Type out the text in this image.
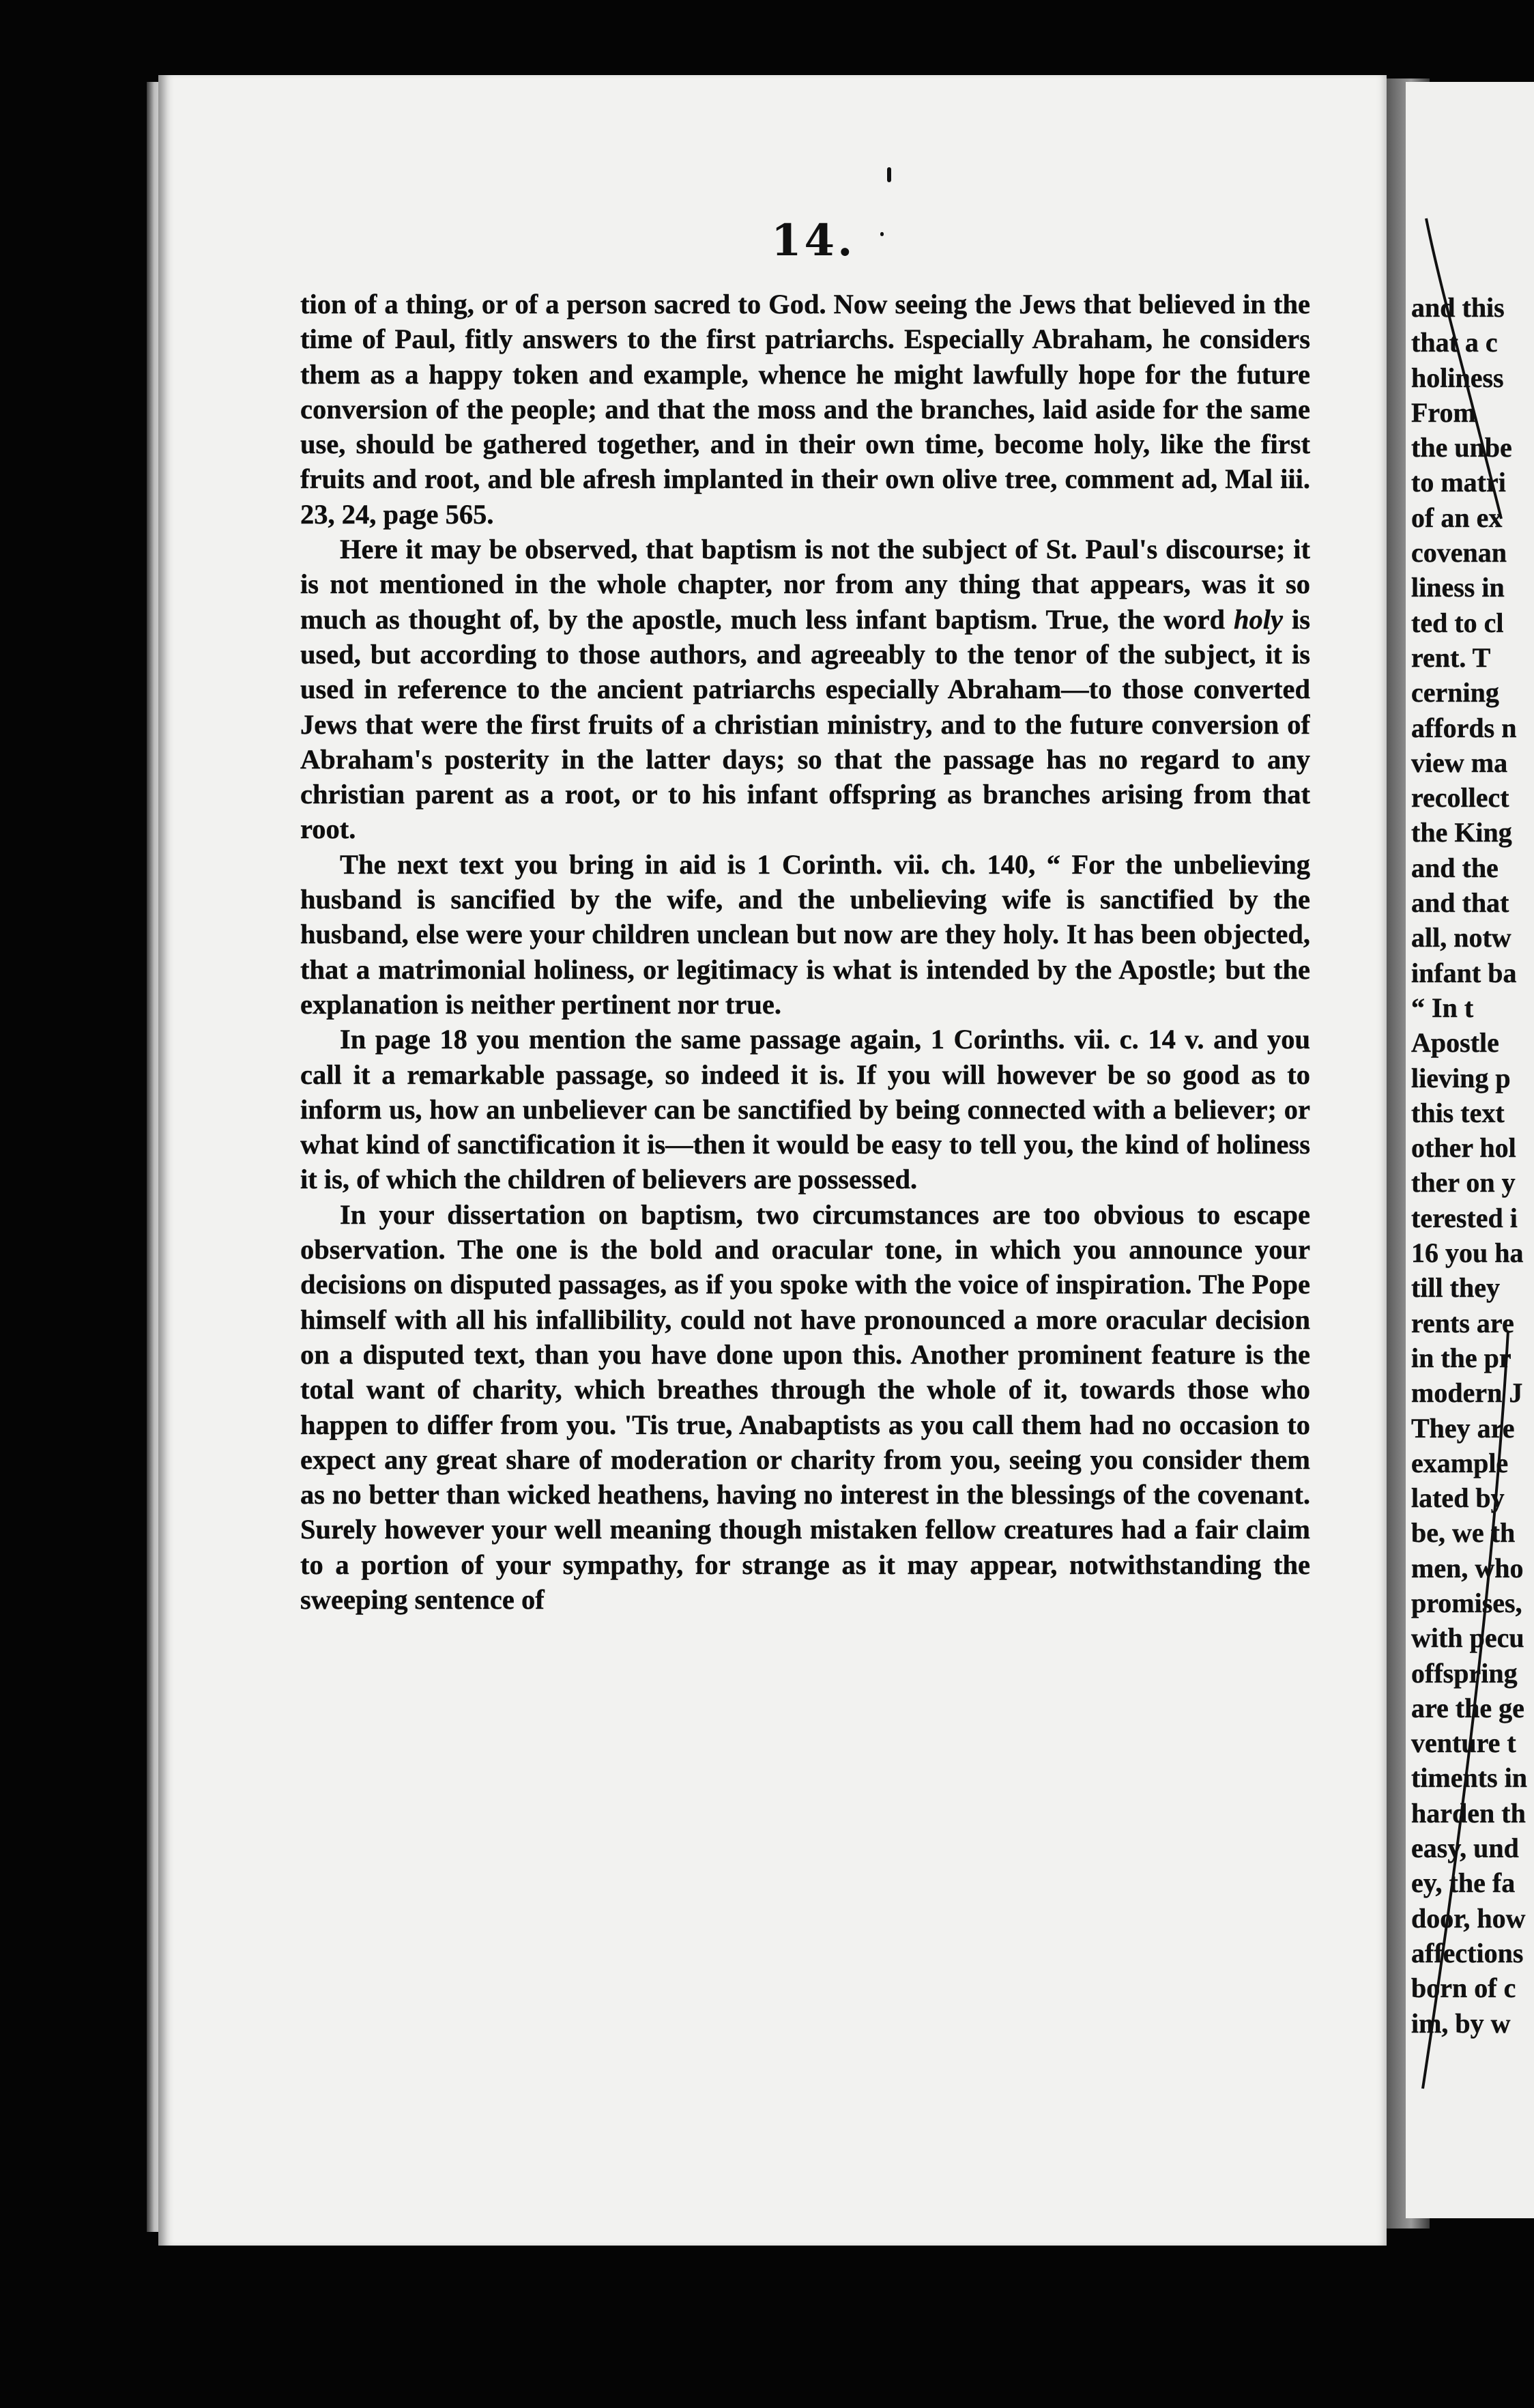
14.

tion of a thing, or of a person sacred to God. Now seeing the Jews that believed in the time of Paul, fitly answers to the first patriarchs. Especially Abraham, he considers them as a happy token and example, whence he might lawfully hope for the future conversion of the people; and that the moss and the branches, laid aside for the same use, should be gathered together, and in their own time, become holy, like the first fruits and root, and ble afresh implanted in their own olive tree, comment ad, Mal iii. 23, 24, page 565.

Here it may be observed, that baptism is not the subject of St. Paul's discourse; it is not mentioned in the whole chapter, nor from any thing that appears, was it so much as thought of, by the apostle, much less infant baptism. True, the word holy is used, but according to those authors, and agreeably to the tenor of the subject, it is used in reference to the ancient patriarchs especially Abraham—to those converted Jews that were the first fruits of a christian ministry, and to the future conversion of Abraham's posterity in the latter days; so that the passage has no regard to any christian parent as a root, or to his infant offspring as branches arising from that root.

The next text you bring in aid is 1 Corinth. vii. ch. 140, “ For the unbelieving husband is sancified by the wife, and the unbelieving wife is sanctified by the husband, else were your children unclean but now are they holy. It has been objected, that a matrimonial holiness, or legitimacy is what is intended by the Apostle; but the explanation is neither pertinent nor true.

In page 18 you mention the same passage again, 1 Corinths. vii. c. 14 v. and you call it a remarkable passage, so indeed it is. If you will however be so good as to inform us, how an unbeliever can be sanctified by being connected with a believer; or what kind of sanctification it is—then it would be easy to tell you, the kind of holiness it is, of which the children of believers are possessed.

In your dissertation on baptism, two circumstances are too obvious to escape observation. The one is the bold and oracular tone, in which you announce your decisions on disputed passages, as if you spoke with the voice of inspiration. The Pope himself with all his infallibility, could not have pronounced a more oracular decision on a disputed text, than you have done upon this. Another prominent feature is the total want of charity, which breathes through the whole of it, towards those who happen to differ from you. 'Tis true, Anabaptists as you call them had no occasion to expect any great share of moderation or charity from you, seeing you consider them as no better than wicked heathens, having no interest in the blessings of the covenant. Surely however your well meaning though mistaken fellow creatures had a fair claim to a portion of your sympathy, for strange as it may appear, notwithstanding the sweeping sentence of

and this
that a c
holiness
From
the unbe
to matri
of an ex
covenan
liness in
ted to cl
rent. T
cerning
affords n
view ma
recollect
the King
and the
and that
all, notw
infant ba
“ In t
Apostle
lieving p
this text
other hol
ther on y
terested i
16 you ha
till they
rents are
in the pr
modern J
They are
example
lated by
be, we th
men, who
promises,
with pecu
offspring
are the ge
venture t
timents in
harden th
easy, und
ey, the fa
door, how
affections
born of c
im, by w
